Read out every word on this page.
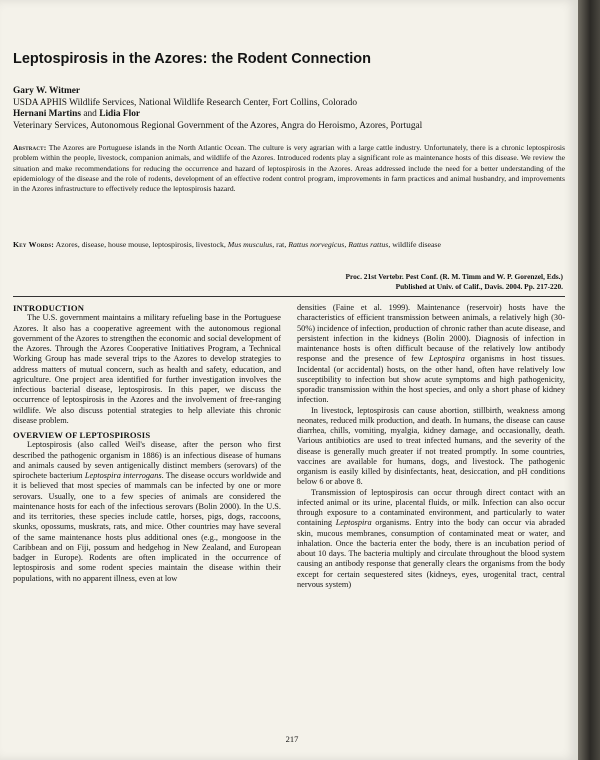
Leptospirosis in the Azores: the Rodent Connection
Gary W. Witmer
USDA APHIS Wildlife Services, National Wildlife Research Center, Fort Collins, Colorado
Hernani Martins and Lidia Flor
Veterinary Services, Autonomous Regional Government of the Azores, Angra do Heroismo, Azores, Portugal
Abstract: The Azores are Portuguese islands in the North Atlantic Ocean. The culture is very agrarian with a large cattle industry. Unfortunately, there is a chronic leptospirosis problem within the people, livestock, companion animals, and wildlife of the Azores. Introduced rodents play a significant role as maintenance hosts of this disease. We review the situation and make recommendations for reducing the occurrence and hazard of leptospirosis in the Azores. Areas addressed include the need for a better understanding of the epidemiology of the disease and the role of rodents, development of an effective rodent control program, improvements in farm practices and animal husbandry, and improvements in the Azores infrastructure to effectively reduce the leptospirosis hazard.
Key Words: Azores, disease, house mouse, leptospirosis, livestock, Mus musculus, rat, Rattus norvegicus, Rattus rattus, wildlife disease
Proc. 21st Vertebr. Pest Conf. (R. M. Timm and W. P. Gorenzel, Eds.)
Published at Univ. of Calif., Davis. 2004. Pp. 217-220.
INTRODUCTION

The U.S. government maintains a military refueling base in the Portuguese Azores. It also has a cooperative agreement with the autonomous regional government of the Azores to strengthen the economic and social development of the Azores. Through the Azores Cooperative Initiatives Program, a Technical Working Group has made several trips to the Azores to develop strategies to address matters of mutual concern, such as health and safety, education, and agriculture. One project area identified for further investigation involves the infectious bacterial disease, leptospirosis. In this paper, we discuss the occurrence of leptospirosis in the Azores and the involvement of free-ranging wildlife. We also discuss potential strategies to help alleviate this chronic disease problem.

OVERVIEW OF LEPTOSPIROSIS

Leptospirosis (also called Weil's disease, after the person who first described the pathogenic organism in 1886) is an infectious disease of humans and animals caused by seven antigenically distinct members (serovars) of the spirochete bacterium Leptospira interrogans. The disease occurs worldwide and it is believed that most species of mammals can be infected by one or more serovars. Usually, one to a few species of animals are considered the maintenance hosts for each of the infectious serovars (Bolin 2000). In the U.S. and its territories, these species include cattle, horses, pigs, dogs, raccoons, skunks, opossums, muskrats, rats, and mice. Other countries may have several of the same maintenance hosts plus additional ones (e.g., mongoose in the Caribbean and on Fiji, possum and hedgehog in New Zealand, and European badger in Europe). Rodents are often implicated in the occurrence of leptospirosis and some rodent species maintain the disease within their populations, with no apparent illness, even at low

densities (Faine et al. 1999). Maintenance (reservoir) hosts have the characteristics of efficient transmission between animals, a relatively high (30-50%) incidence of infection, production of chronic rather than acute disease, and persistent infection in the kidneys (Bolin 2000). Diagnosis of infection in maintenance hosts is often difficult because of the relatively low antibody response and the presence of few Leptospira organisms in host tissues. Incidental (or accidental) hosts, on the other hand, often have relatively low susceptibility to infection but show acute symptoms and high pathogenicity, sporadic transmission within the host species, and only a short phase of kidney infection.

In livestock, leptospirosis can cause abortion, stillbirth, weakness among neonates, reduced milk production, and death. In humans, the disease can cause diarrhea, chills, vomiting, myalgia, kidney damage, and occasionally, death. Various antibiotics are used to treat infected humans, and the severity of the disease is generally much greater if not treated promptly. In some countries, vaccines are available for humans, dogs, and livestock. The pathogenic organism is easily killed by disinfectants, heat, desiccation, and pH conditions below 6 or above 8.

Transmission of leptospirosis can occur through direct contact with an infected animal or its urine, placental fluids, or milk. Infection can also occur through exposure to a contaminated environment, and particularly to water containing Leptospira organisms. Entry into the body can occur via abraded skin, mucous membranes, consumption of contaminated meat or water, and inhalation. Once the bacteria enter the body, there is an incubation period of about 10 days. The bacteria multiply and circulate throughout the blood system causing an antibody response that generally clears the organisms from the body except for certain sequestered sites (kidneys, eyes, urogenital tract, central nervous system)

217
